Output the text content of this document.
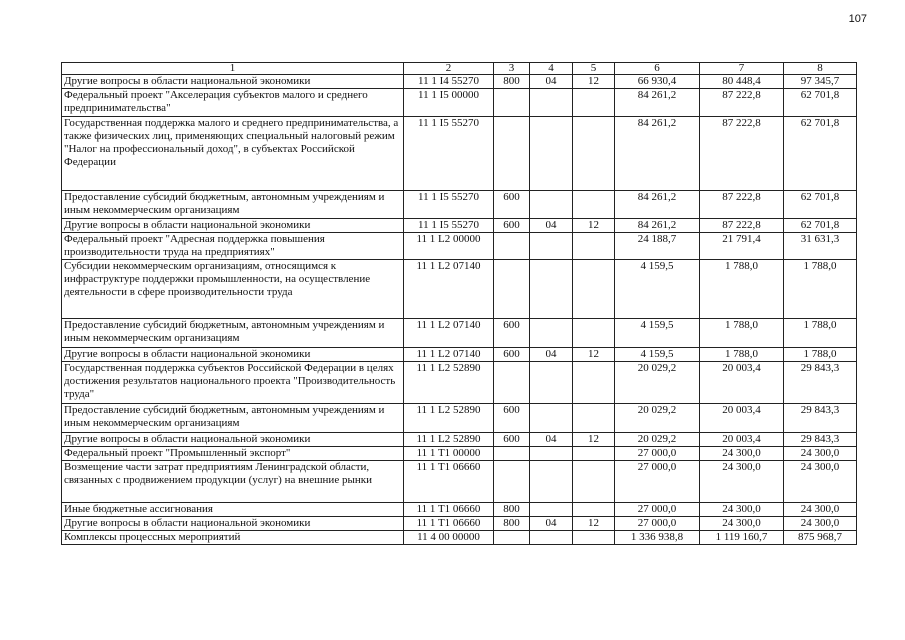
107
1	2	3	4	5	6	7	8
Другие вопросы в области национальной экономики	11 1 I4 55270	800	04	12	66 930,4	80 448,4	97 345,7
Федеральный проект "Акселерация субъектов малого и среднего предпринимательства"	11 1 I5 00000				84 261,2	87 222,8	62 701,8
Государственная поддержка малого и среднего предпринимательства, а также физических лиц, применяющих специальный налоговый режим "Налог на профессиональный доход", в субъектах Российской Федерации	11 1 I5 55270				84 261,2	87 222,8	62 701,8
Предоставление субсидий бюджетным, автономным учреждениям и иным некоммерческим организациям	11 1 I5 55270	600			84 261,2	87 222,8	62 701,8
Другие вопросы в области национальной экономики	11 1 I5 55270	600	04	12	84 261,2	87 222,8	62 701,8
Федеральный проект "Адресная поддержка повышения производительности труда на предприятиях"	11 1 L2 00000				24 188,7	21 791,4	31 631,3
Субсидии некоммерческим организациям, относящимся к инфраструктуре поддержки промышленности, на осуществление деятельности в сфере производительности труда	11 1 L2 07140				4 159,5	1 788,0	1 788,0
Предоставление субсидий бюджетным, автономным учреждениям и иным некоммерческим организациям	11 1 L2 07140	600			4 159,5	1 788,0	1 788,0
Другие вопросы в области национальной экономики	11 1 L2 07140	600	04	12	4 159,5	1 788,0	1 788,0
Государственная поддержка субъектов Российской Федерации в целях достижения результатов национального проекта "Производительность труда"	11 1 L2 52890				20 029,2	20 003,4	29 843,3
Предоставление субсидий бюджетным, автономным учреждениям и иным некоммерческим организациям	11 1 L2 52890	600			20 029,2	20 003,4	29 843,3
Другие вопросы в области национальной экономики	11 1 L2 52890	600	04	12	20 029,2	20 003,4	29 843,3
Федеральный проект "Промышленный экспорт"	11 1 T1 00000				27 000,0	24 300,0	24 300,0
Возмещение части затрат предприятиям Ленинградской области, связанных с продвижением продукции (услуг) на внешние рынки	11 1 T1 06660				27 000,0	24 300,0	24 300,0
Иные бюджетные ассигнования	11 1 T1 06660	800			27 000,0	24 300,0	24 300,0
Другие вопросы в области национальной экономики	11 1 T1 06660	800	04	12	27 000,0	24 300,0	24 300,0
Комплексы процессных мероприятий	11 4 00 00000				1 336 938,8	1 119 160,7	875 968,7
